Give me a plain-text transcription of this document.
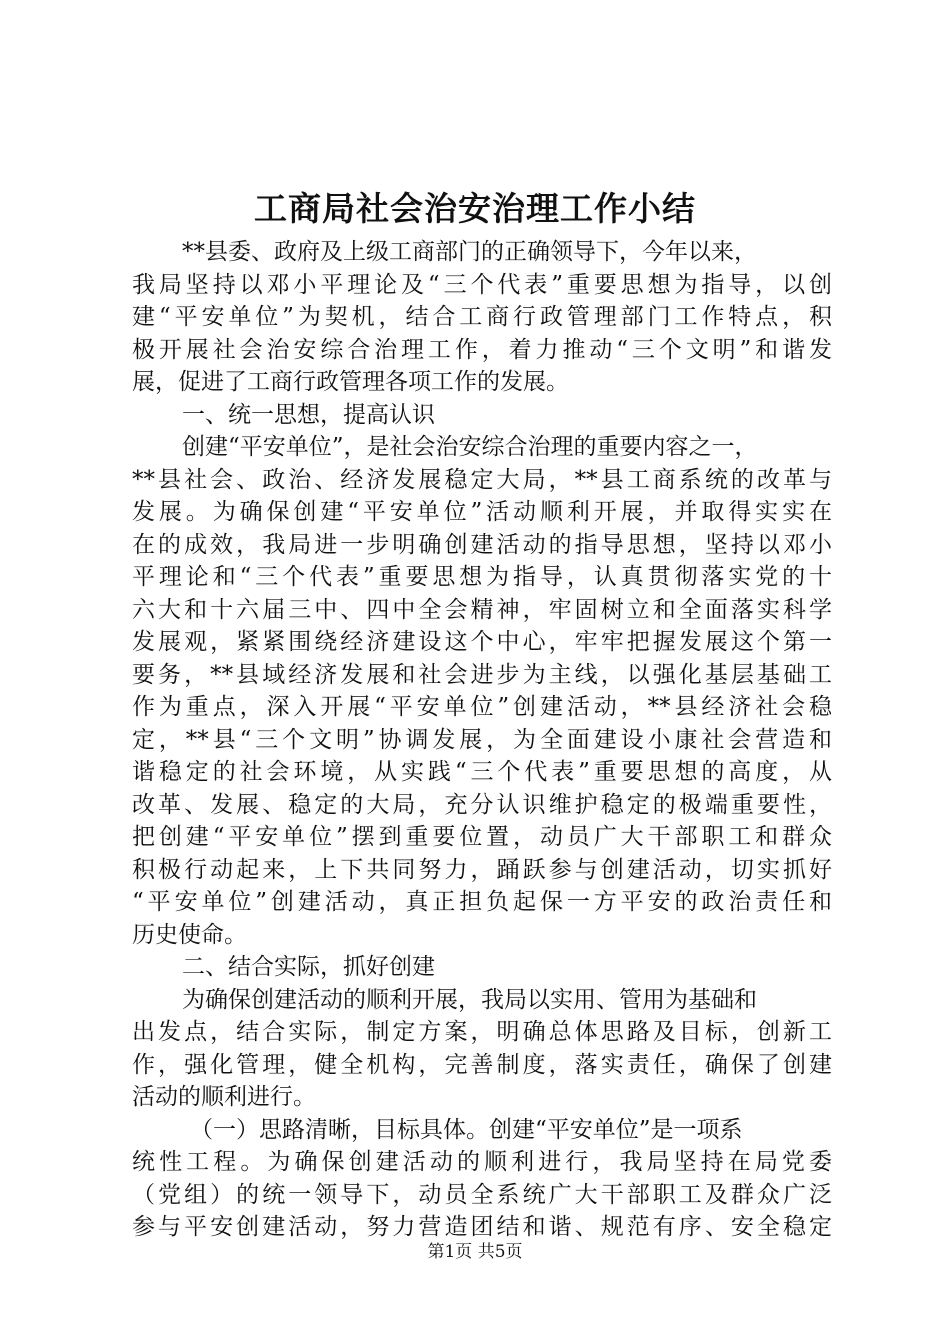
工商局社会治安治理工作小结
**县委、政府及上级工商部门的正确领导下，今年以来，
我局坚持以邓小平理论及“三个代表”重要思想为指导，以创
建“平安单位”为契机，结合工商行政管理部门工作特点，积
极开展社会治安综合治理工作，着力推动“三个文明”和谐发
展，促进了工商行政管理各项工作的发展。
一、统一思想，提高认识
创建“平安单位”，是社会治安综合治理的重要内容之一，
**县社会、政治、经济发展稳定大局，**县工商系统的改革与
发展。为确保创建“平安单位”活动顺利开展，并取得实实在
在的成效，我局进一步明确创建活动的指导思想，坚持以邓小
平理论和“三个代表”重要思想为指导，认真贯彻落实党的十
六大和十六届三中、四中全会精神，牢固树立和全面落实科学
发展观，紧紧围绕经济建设这个中心，牢牢把握发展这个第一
要务，**县域经济发展和社会进步为主线，以强化基层基础工
作为重点，深入开展“平安单位”创建活动，**县经济社会稳
定，**县“三个文明”协调发展，为全面建设小康社会营造和
谐稳定的社会环境，从实践“三个代表”重要思想的高度，从
改革、发展、稳定的大局，充分认识维护稳定的极端重要性，
把创建“平安单位”摆到重要位置，动员广大干部职工和群众
积极行动起来，上下共同努力，踊跃参与创建活动，切实抓好
“平安单位”创建活动，真正担负起保一方平安的政治责任和
历史使命。
二、结合实际，抓好创建
为确保创建活动的顺利开展，我局以实用、管用为基础和
出发点，结合实际，制定方案，明确总体思路及目标，创新工
作，强化管理，健全机构，完善制度，落实责任，确保了创建
活动的顺利进行。
（一）思路清晰，目标具体。创建“平安单位”是一项系
统性工程。为确保创建活动的顺利进行，我局坚持在局党委
（党组）的统一领导下，动员全系统广大干部职工及群众广泛
参与平安创建活动，努力营造团结和谐、规范有序、安全稳定
第1页 共5页
